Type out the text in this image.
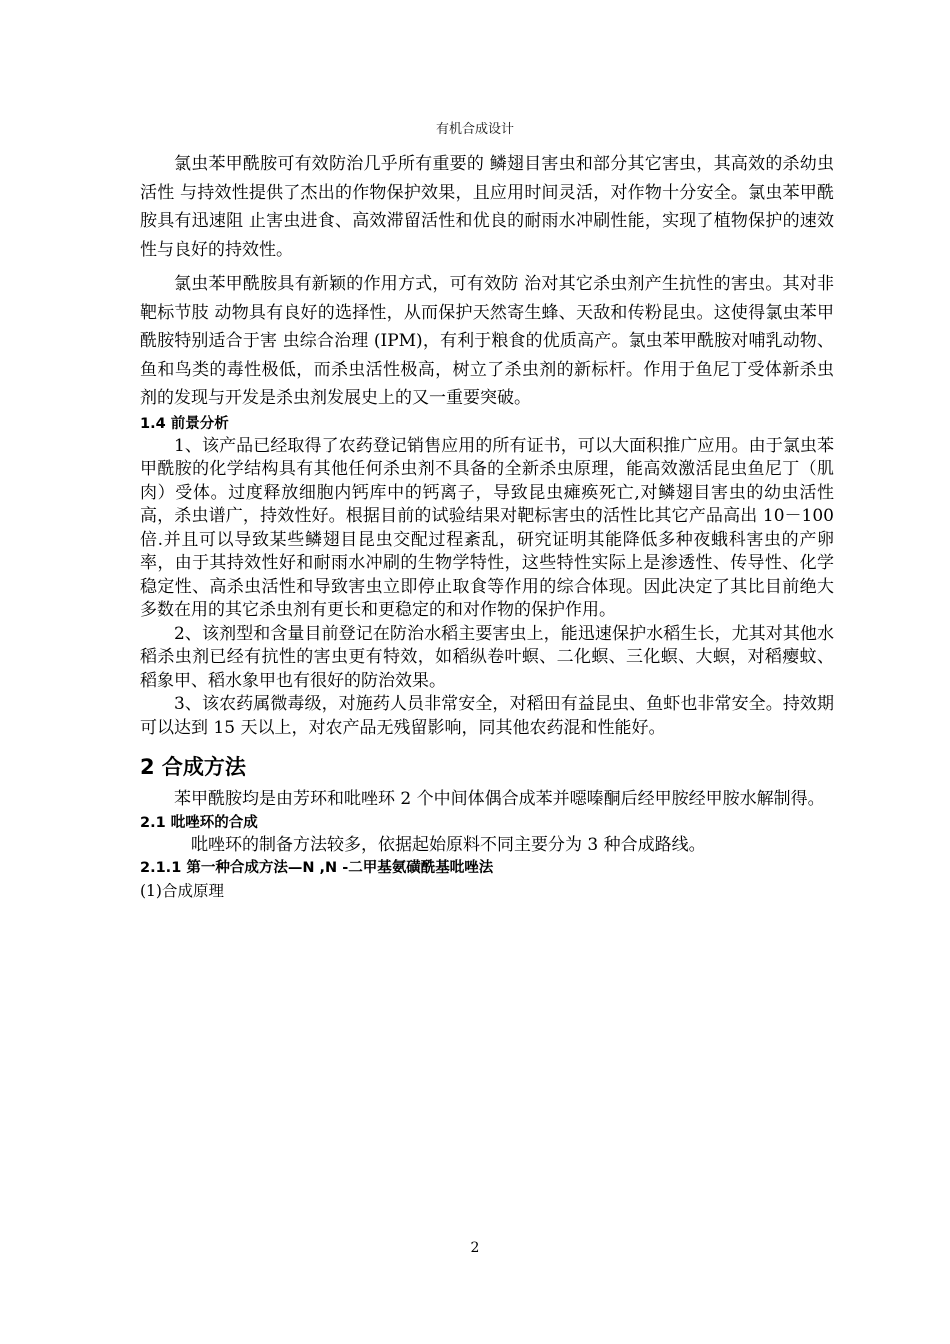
有机合成设计

氯虫苯甲酰胺可有效防治几乎所有重要的 鳞翅目害虫和部分其它害虫，其高效的杀幼虫活性 与持效性提供了杰出的作物保护效果，且应用时间灵活，对作物十分安全。氯虫苯甲酰胺具有迅速阻 止害虫进食、高效滞留活性和优良的耐雨水冲刷性能，实现了植物保护的速效性与良好的持效性。

氯虫苯甲酰胺具有新颖的作用方式，可有效防 治对其它杀虫剂产生抗性的害虫。其对非靶标节肢 动物具有良好的选择性，从而保护天然寄生蜂、天敌和传粉昆虫。这使得氯虫苯甲酰胺特别适合于害 虫综合治理 (IPM)，有利于粮食的优质高产。氯虫苯甲酰胺对哺乳动物、鱼和鸟类的毒性极低，而杀虫活性极高，树立了杀虫剂的新标杆。作用于鱼尼丁受体新杀虫剂的发现与开发是杀虫剂发展史上的又一重要突破。

1.4 前景分析

1、该产品已经取得了农药登记销售应用的所有证书，可以大面积推广应用。由于氯虫苯甲酰胺的化学结构具有其他任何杀虫剂不具备的全新杀虫原理，能高效激活昆虫鱼尼丁（肌肉）受体。过度释放细胞内钙库中的钙离子，导致昆虫瘫痪死亡,对鳞翅目害虫的幼虫活性高，杀虫谱广，持效性好。根据目前的试验结果对靶标害虫的活性比其它产品高出 10－100 倍.并且可以导致某些鳞翅目昆虫交配过程紊乱，研究证明其能降低多种夜蛾科害虫的产卵率，由于其持效性好和耐雨水冲刷的生物学特性，这些特性实际上是渗透性、传导性、化学稳定性、高杀虫活性和导致害虫立即停止取食等作用的综合体现。因此决定了其比目前绝大多数在用的其它杀虫剂有更长和更稳定的和对作物的保护作用。

2、该剂型和含量目前登记在防治水稻主要害虫上，能迅速保护水稻生长，尤其对其他水稻杀虫剂已经有抗性的害虫更有特效，如稻纵卷叶螟、二化螟、三化螟、大螟，对稻瘿蚊、稻象甲、稻水象甲也有很好的防治效果。

3、该农药属微毒级，对施药人员非常安全，对稻田有益昆虫、鱼虾也非常安全。持效期可以达到 15 天以上，对农产品无残留影响，同其他农药混和性能好。

2 合成方法

苯甲酰胺均是由芳环和吡唑环 2 个中间体偶合成苯并噁嗪酮后经甲胺经甲胺水解制得。

2.1 吡唑环的合成

吡唑环的制备方法较多，依据起始原料不同主要分为 3 种合成路线。

2.1.1 第一种合成方法—N ,N -二甲基氨磺酰基吡唑法

(1)合成原理

2
